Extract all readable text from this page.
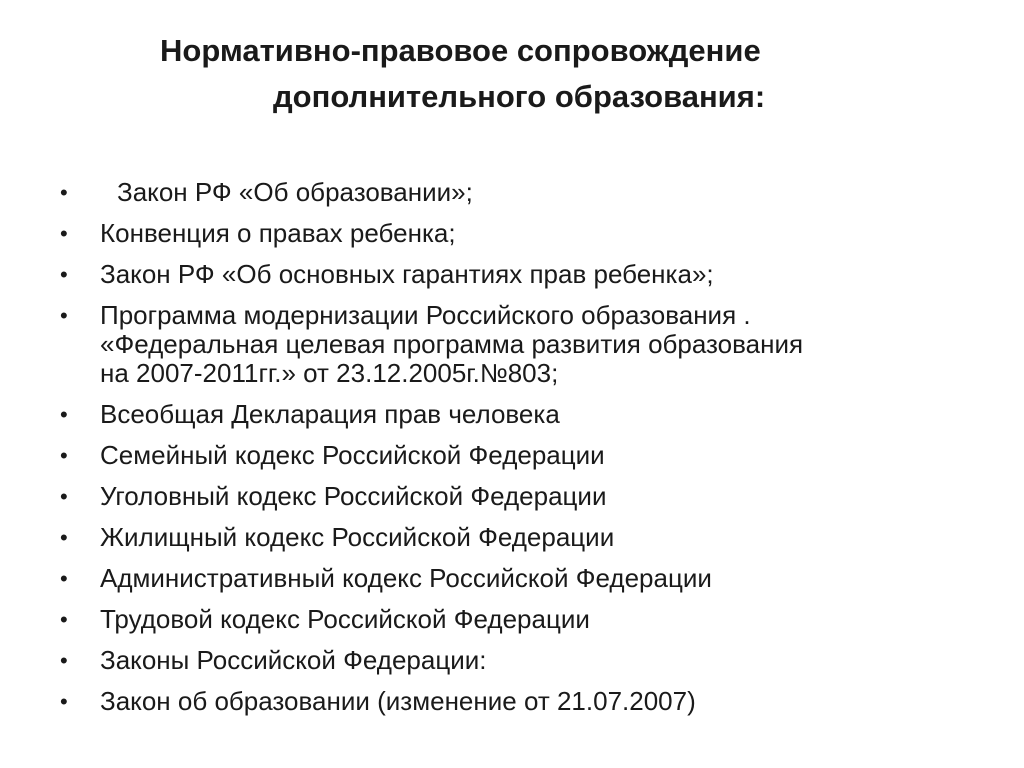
Нормативно-правовое сопровождение
дополнительного образования:
•	Закон РФ «Об образовании»;
• Конвенция о правах ребенка;
• Закон РФ «Об основных гарантиях прав ребенка»;
• Программа модернизации Российского образования .
«Федеральная целевая программа развития образования
на 2007-2011гг.» от 23.12.2005г.№803;
• Всеобщая Декларация прав человека
• Семейный кодекс Российской Федерации
• Уголовный кодекс Российской Федерации
• Жилищный кодекс Российской Федерации
• Административный кодекс Российской Федерации
• Трудовой кодекс Российской Федерации
• Законы Российской Федерации:
• Закон об образовании (изменение от 21.07.2007)
